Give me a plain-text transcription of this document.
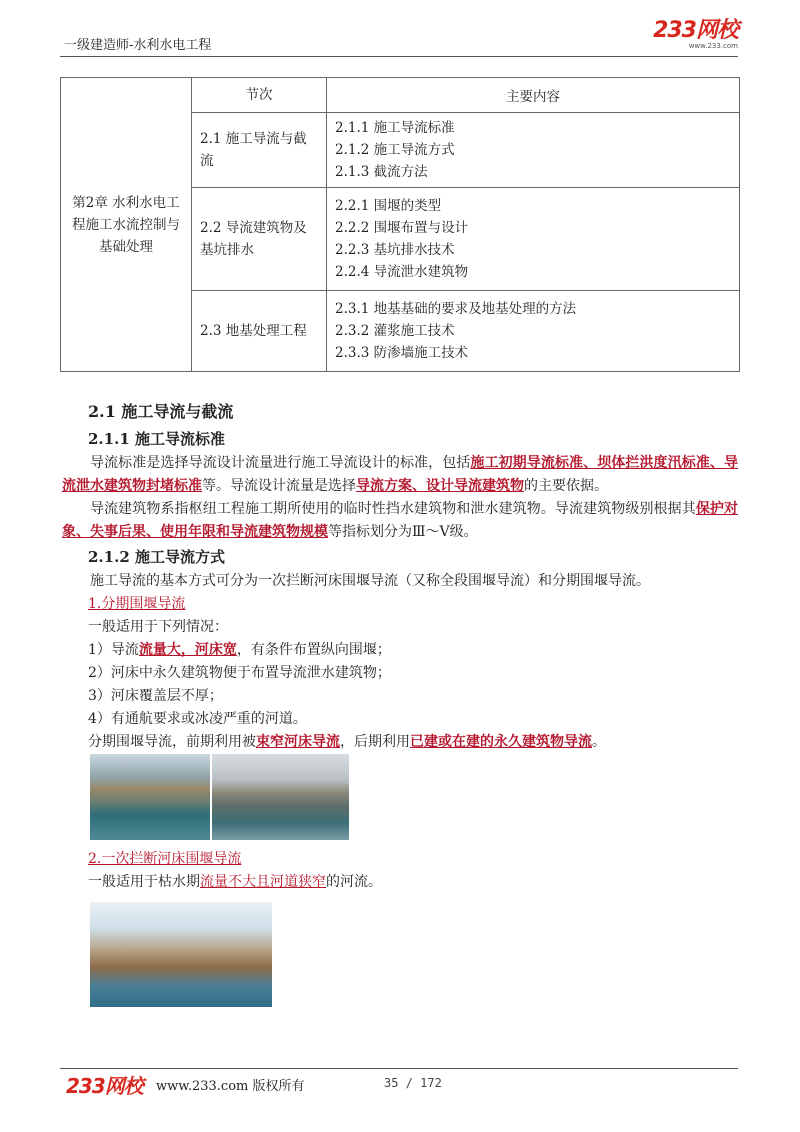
一级建造师-水利水电工程
233网校
www.233.com
第2章 水利水电工程施工水流控制与基础处理	节次	主要内容
	2.1 施工导流与截流	2.1.1 施工导流标准
2.1.2 施工导流方式
2.1.3 截流方法

	2.2 导流建筑物及基坑排水	2.2.1 围堰的类型
2.2.2 围堰布置与设计
2.2.3 基坑排水技术
2.2.4 导流泄水建筑物

	2.3 地基处理工程	2.3.1 地基基础的要求及地基处理的方法
2.3.2 灌浆施工技术
2.3.3 防渗墙施工技术
2.1 施工导流与截流
2.1.1 施工导流标准
导流标准是选择导流设计流量进行施工导流设计的标准，包括施工初期导流标准、坝体拦洪度汛标准、导流泄水建筑物封堵标准等。导流设计流量是选择导流方案、设计导流建筑物的主要依据。
导流建筑物系指枢纽工程施工期所使用的临时性挡水建筑物和泄水建筑物。导流建筑物级别根据其保护对象、失事后果、使用年限和导流建筑物规模等指标划分为Ⅲ～Ⅴ级。
2.1.2 施工导流方式
施工导流的基本方式可分为一次拦断河床围堰导流（又称全段围堰导流）和分期围堰导流。
1.分期围堰导流
一般适用于下列情况：
1）导流流量大，河床宽，有条件布置纵向围堰；
2）河床中永久建筑物便于布置导流泄水建筑物；
3）河床覆盖层不厚；
4）有通航要求或冰凌严重的河道。
分期围堰导流，前期利用被束窄河床导流，后期利用已建或在建的永久建筑物导流。
2.一次拦断河床围堰导流
一般适用于枯水期流量不大且河道狭窄的河流。
233网校 www.233.com 版权所有	35 / 172
